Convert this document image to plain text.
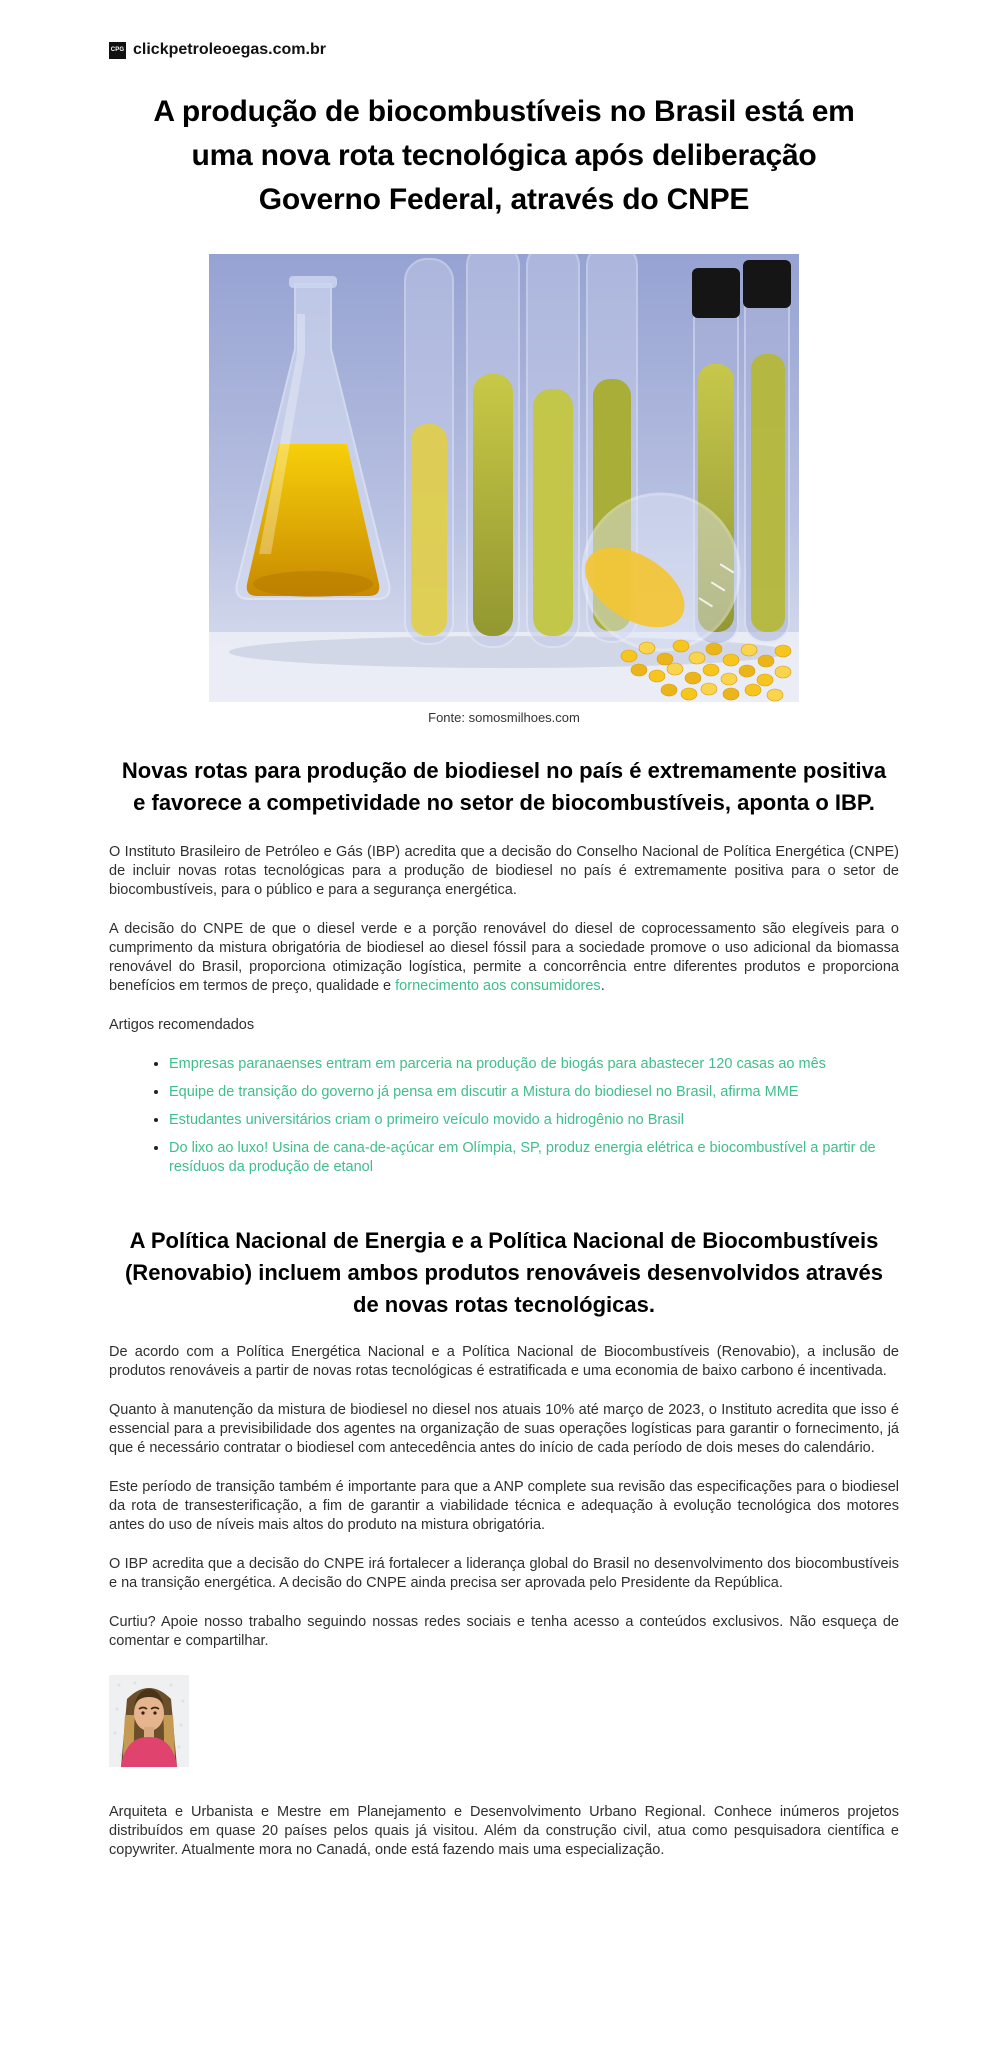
CPG clickpetroleoegas.com.br
A produção de biocombustíveis no Brasil está em uma nova rota tecnológica após deliberação Governo Federal, através do CNPE
Fonte: somosmilhoes.com
Novas rotas para produção de biodiesel no país é extremamente positiva e favorece a competividade no setor de biocombustíveis, aponta o IBP.

O Instituto Brasileiro de Petróleo e Gás (IBP) acredita que a decisão do Conselho Nacional de Política Energética (CNPE) de incluir novas rotas tecnológicas para a produção de biodiesel no país é extremamente positiva para o setor de biocombustíveis, para o público e para a segurança energética.

A decisão do CNPE de que o diesel verde e a porção renovável do diesel de coprocessamento são elegíveis para o cumprimento da mistura obrigatória de biodiesel ao diesel fóssil para a sociedade promove o uso adicional da biomassa renovável do Brasil, proporciona otimização logística, permite a concorrência entre diferentes produtos e proporciona benefícios em termos de preço, qualidade e fornecimento aos consumidores.

Artigos recomendados

• Empresas paranaenses entram em parceria na produção de biogás para abastecer 120 casas ao mês
• Equipe de transição do governo já pensa em discutir a Mistura do biodiesel no Brasil, afirma MME
• Estudantes universitários criam o primeiro veículo movido a hidrogênio no Brasil
• Do lixo ao luxo! Usina de cana-de-açúcar em Olímpia, SP, produz energia elétrica e biocombustível a partir de resíduos da produção de etanol
A Política Nacional de Energia e a Política Nacional de Biocombustíveis (Renovabio) incluem ambos produtos renováveis desenvolvidos através de novas rotas tecnológicas.

De acordo com a Política Energética Nacional e a Política Nacional de Biocombustíveis (Renovabio), a inclusão de produtos renováveis a partir de novas rotas tecnológicas é estratificada e uma economia de baixo carbono é incentivada.

Quanto à manutenção da mistura de biodiesel no diesel nos atuais 10% até março de 2023, o Instituto acredita que isso é essencial para a previsibilidade dos agentes na organização de suas operações logísticas para garantir o fornecimento, já que é necessário contratar o biodiesel com antecedência antes do início de cada período de dois meses do calendário.

Este período de transição também é importante para que a ANP complete sua revisão das especificações para o biodiesel da rota de transesterificação, a fim de garantir a viabilidade técnica e adequação à evolução tecnológica dos motores antes do uso de níveis mais altos do produto na mistura obrigatória.

O IBP acredita que a decisão do CNPE irá fortalecer a liderança global do Brasil no desenvolvimento dos biocombustíveis e na transição energética. A decisão do CNPE ainda precisa ser aprovada pelo Presidente da República.

Curtiu? Apoie nosso trabalho seguindo nossas redes sociais e tenha acesso a conteúdos exclusivos. Não esqueça de comentar e compartilhar.

Arquiteta e Urbanista e Mestre em Planejamento e Desenvolvimento Urbano Regional. Conhece inúmeros projetos distribuídos em quase 20 países pelos quais já visitou. Além da construção civil, atua como pesquisadora científica e copywriter. Atualmente mora no Canadá, onde está fazendo mais uma especialização.
